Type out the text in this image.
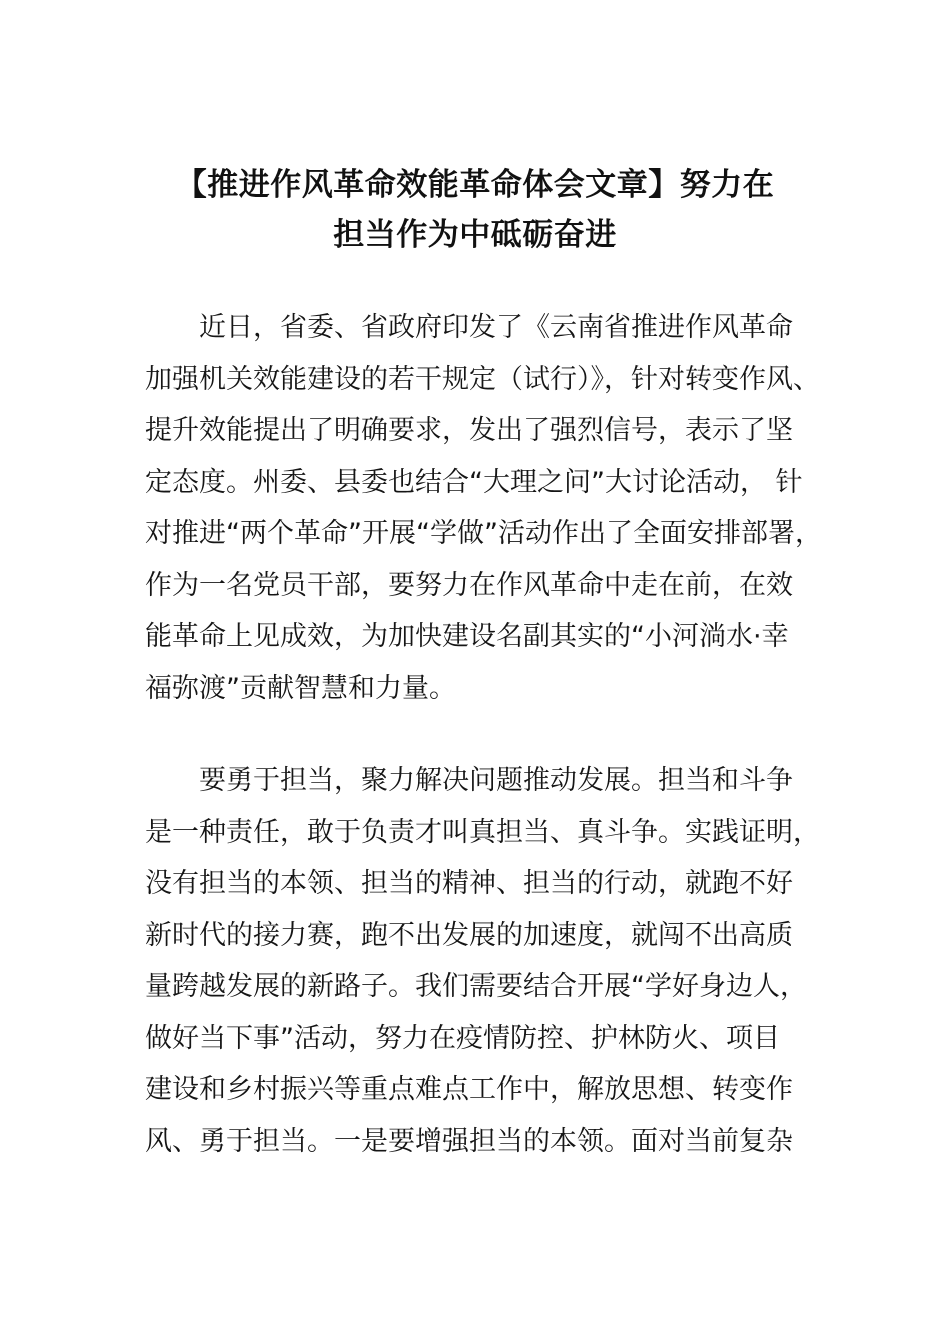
【推进作风革命效能革命体会文章】努力在
担当作为中砥砺奋进
　　近日，省委、省政府印发了《云南省推进作风革命
加强机关效能建设的若干规定（试行）》，针对转变作风、
提升效能提出了明确要求，发出了强烈信号，表示了坚
定态度。州委、县委也结合“大理之问”大讨论活动， 针
对推进“两个革命”开展“学做”活动作出了全面安排部署，
作为一名党员干部，要努力在作风革命中走在前，在效
能革命上见成效，为加快建设名副其实的“小河淌水·幸
福弥渡”贡献智慧和力量。
　　要勇于担当，聚力解决问题推动发展。担当和斗争
是一种责任，敢于负责才叫真担当、真斗争。实践证明，
没有担当的本领、担当的精神、担当的行动，就跑不好
新时代的接力赛，跑不出发展的加速度，就闯不出高质
量跨越发展的新路子。我们需要结合开展“学好身边人，
做好当下事”活动，努力在疫情防控、护林防火、项目
建设和乡村振兴等重点难点工作中，解放思想、转变作
风、勇于担当。一是要增强担当的本领。面对当前复杂
